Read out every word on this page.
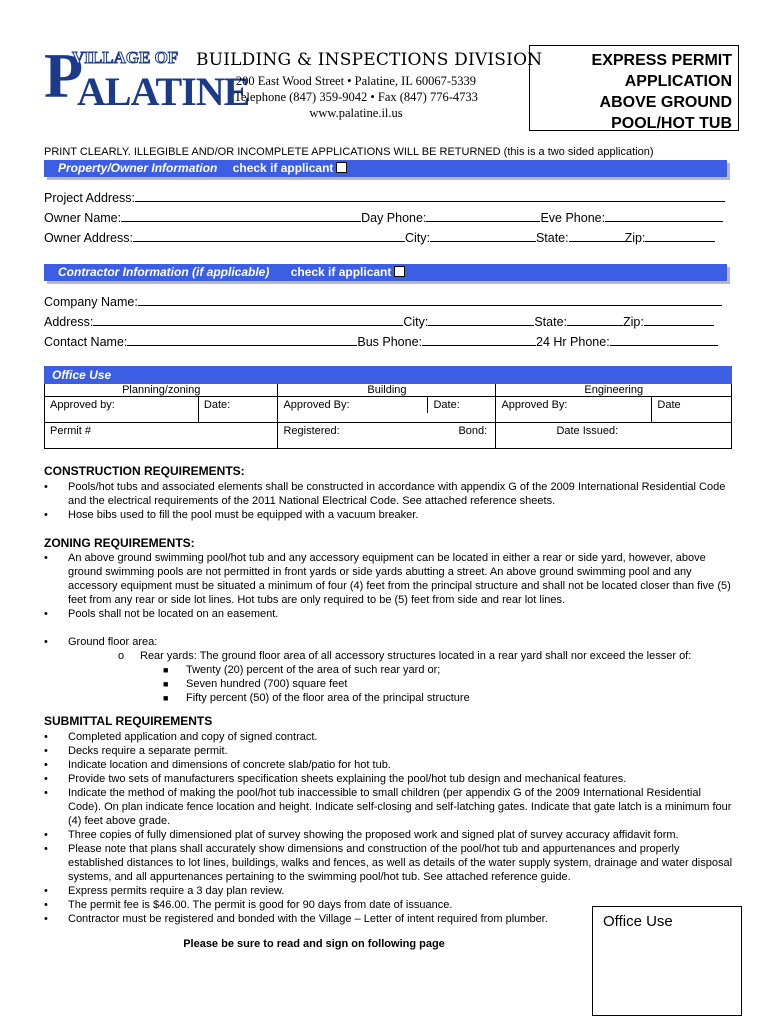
P
VILLAGE OF
ALATINE
BUILDING & INSPECTIONS DIVISION
200 East Wood Street • Palatine, IL 60067-5339
Telephone (847) 359-9042 • Fax (847) 776-4733
www.palatine.il.us
EXPRESS PERMIT
APPLICATION
ABOVE GROUND
POOL/HOT TUB
PRINT CLEARLY. ILLEGIBLE AND/OR INCOMPLETE APPLICATIONS WILL BE RETURNED (this is a two sided application)
Property/Owner Information check if applicant
Project Address:
Owner Name:	Day Phone:	Eve Phone:
Owner Address:	City:	State:	Zip:
Contractor Information (if applicable) check if applicant
Company Name:
Address:	City:	State:	Zip:
Contact Name:	Bus Phone:	24 Hr Phone:
Office Use				
Planning/zoning		Building	Engineering	
Approved by:	Date:	Approved By: Date:	Approved By:	Date
Permit #		Registered: Bond:	Date Issued:	
CONSTRUCTION REQUIREMENTS:
• Pools/hot tubs and associated elements shall be constructed in accordance with appendix G of the 2009 International Residential Code and the electrical requirements of the 2011 National Electrical Code. See attached reference sheets.
• Hose bibs used to fill the pool must be equipped with a vacuum breaker.
ZONING REQUIREMENTS:
• An above ground swimming pool/hot tub and any accessory equipment can be located in either a rear or side yard, however, above ground swimming pools are not permitted in front yards or side yards abutting a street. An above ground swimming pool and any accessory equipment must be situated a minimum of four (4) feet from the principal structure and shall not be located closer than five (5) feet from any rear or side lot lines. Hot tubs are only required to be (5) feet from side and rear lot lines.
• Pools shall not be located on an easement.
• Ground floor area:
o Rear yards: The ground floor area of all accessory structures located in a rear yard shall nor exceed the lesser of:
■ Twenty (20) percent of the area of such rear yard or;
■ Seven hundred (700) square feet
■ Fifty percent (50) of the floor area of the principal structure
SUBMITTAL REQUIREMENTS
• Completed application and copy of signed contract.
• Decks require a separate permit.
• Indicate location and dimensions of concrete slab/patio for hot tub.
• Provide two sets of manufacturers specification sheets explaining the pool/hot tub design and mechanical features.
• Indicate the method of making the pool/hot tub inaccessible to small children (per appendix G of the 2009 International Residential Code). On plan indicate fence location and height. Indicate self-closing and self-latching gates. Indicate that gate latch is a minimum four (4) feet above grade.
• Three copies of fully dimensioned plat of survey showing the proposed work and signed plat of survey accuracy affidavit form.
• Please note that plans shall accurately show dimensions and construction of the pool/hot tub and appurtenances and properly established distances to lot lines, buildings, walks and fences, as well as details of the water supply system, drainage and water disposal systems, and all appurtenances pertaining to the swimming pool/hot tub. See attached reference guide.
• Express permits require a 3 day plan review.
• The permit fee is $46.00. The permit is good for 90 days from date of issuance.
• Contractor must be registered and bonded with the Village – Letter of intent required from plumber.
Please be sure to read and sign on following page
Office Use
